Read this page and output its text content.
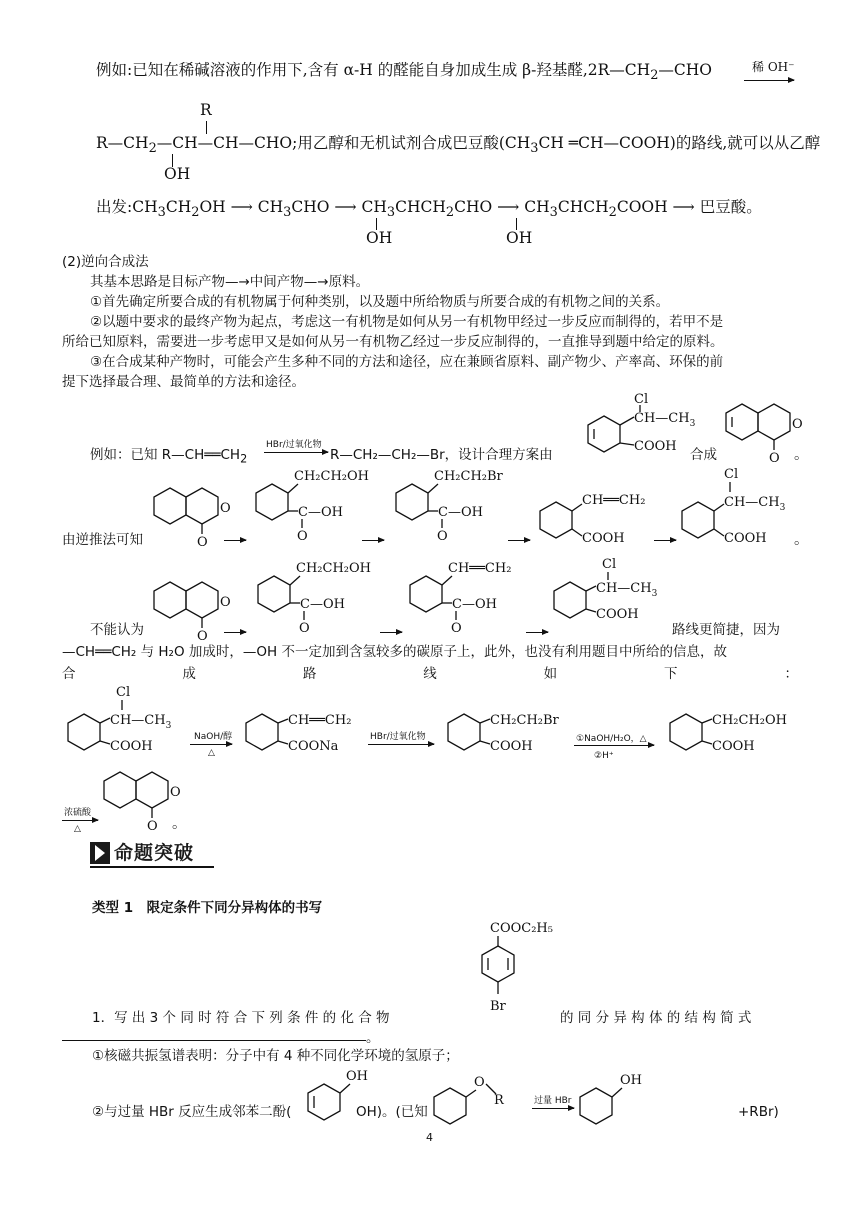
例如:已知在稀碱溶液的作用下,含有 α-H 的醛能自身加成生成 β-羟基醛$,2R—CH_2—CHO$	稀 OH⁻
R
$R—CH_2—CH—CH—CHO$;用乙醇和无机试剂合成巴豆酸($CH_3CH$ ═CH—COOH)的路线,就可以从乙醇
OH
出发$:CH_3CH_2OH$ ⟶ $CH_3CHO$ ⟶ $CH_3CHCH_2CHO$ ⟶ $CH_3CHCH_2COOH$ ⟶ 巴豆酸。
OH	OH
(2)逆向合成法
其基本思路是目标产物—→中间产物—→原料。
①首先确定所要合成的有机物属于何种类别，以及题中所给物质与所要合成的有机物之间的关系。
②以题中要求的最终产物为起点，考虑这一有机物是如何从另一有机物甲经过一步反应而制得的，若甲不是
所给已知原料，需要进一步考虑甲又是如何从另一有机物乙经过一步反应制得的，一直推导到题中给定的原料。
③在合成某种产物时，可能会产生多种不同的方法和途径，应在兼顾省原料、副产物少、产率高、环保的前
提下选择最合理、最简单的方法和途径。
例如：已知 $R—CH══CH_2$
HBr/过氧化物
→ R—CH₂—CH₂—Br，设计合理方案由
Cl
$CH—CH_3$
COOH
合成
O
O 。
由逆推法可知
O
O →
CH₂CH₂OH
C—OH
O
CH₂CH₂Br
C—OH
O
CH══CH₂
COOH
Cl
$CH—CH_3$
COOH 。
不能认为
O
O →
CH₂CH₂OH
C—OH
O
CH══CH₂
C—OH
O
Cl
$CH—CH_3$
COOH
路线更简捷，因为
—CH══CH₂ 与 H₂O 加成时，—OH 不一定加到含氢较多的碳原子上，此外，也没有利用题目中所给的信息，故
合	成	路	线	如	下	：
Cl
$CH—CH_3$
COOH
NaOH/醇
△
CH══CH₂
COONa
HBr/过氧化物
CH₂CH₂Br
COOH	①NaOH/H₂O，△
②H⁺
CH₂CH₂OH
COOH
O
O
浓硫酸
△	。
命题突破
类型 1　限定条件下同分异构体的书写
COOC₂H₅
Br
1．写 出 3 个 同 时 符 合 下 列 条 件 的 化 合 物	的 同 分 异 构 体 的 结 构 简 式
。
①核磁共振氢谱表明：分子中有 4 种不同化学环境的氢原子；
②与过量 HBr 反应生成邻苯二酚(
OH
OH)。(已知
O
R	过量 HBr
OH
+RBr)
4
